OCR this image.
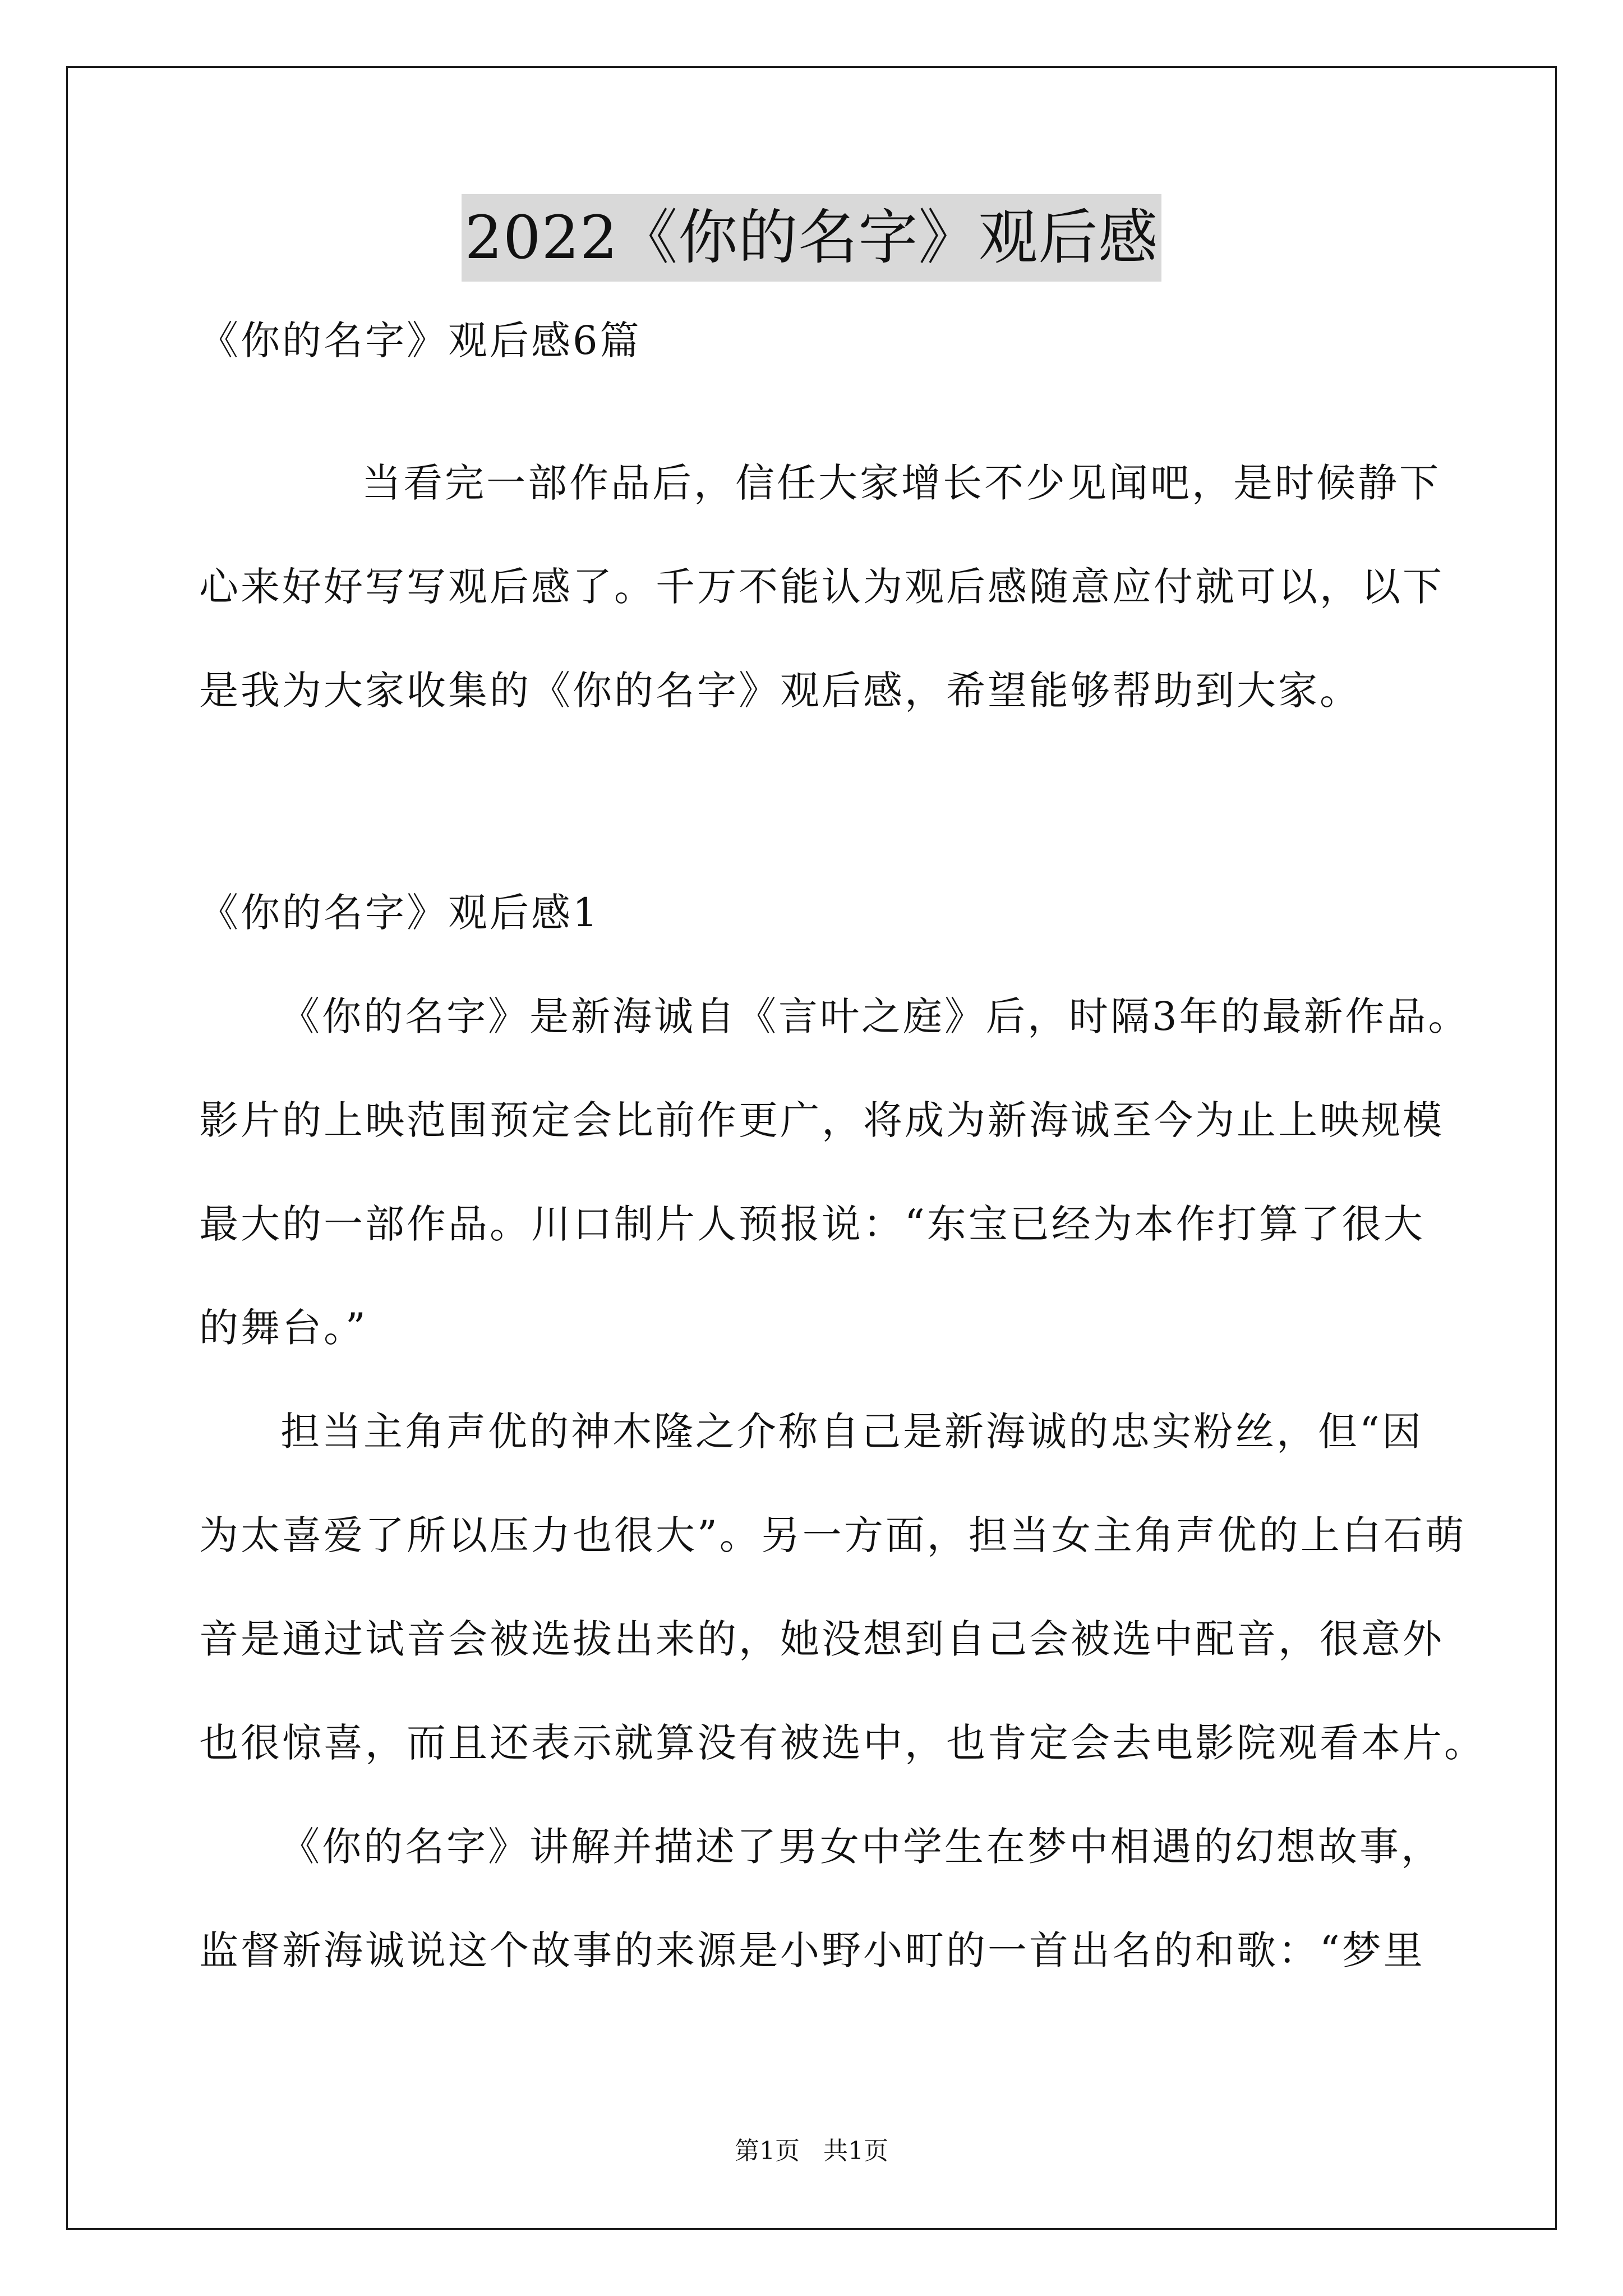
2022《你的名字》观后感
《你的名字》观后感6篇
当看完一部作品后，信任大家增长不少见闻吧，是时候静下
心来好好写写观后感了。千万不能认为观后感随意应付就可以，以下
是我为大家收集的《你的名字》观后感，希望能够帮助到大家。
《你的名字》观后感1
《你的名字》是新海诚自《言叶之庭》后，时隔3年的最新作品。
影片的上映范围预定会比前作更广，将成为新海诚至今为止上映规模
最大的一部作品。川口制片人预报说：“东宝已经为本作打算了很大
的舞台。”
担当主角声优的神木隆之介称自己是新海诚的忠实粉丝，但“因
为太喜爱了所以压力也很大”。另一方面，担当女主角声优的上白石萌
音是通过试音会被选拔出来的，她没想到自己会被选中配音，很意外
也很惊喜，而且还表示就算没有被选中，也肯定会去电影院观看本片。
《你的名字》讲解并描述了男女中学生在梦中相遇的幻想故事，
监督新海诚说这个故事的来源是小野小町的一首出名的和歌：“梦里
第1页   共1页
